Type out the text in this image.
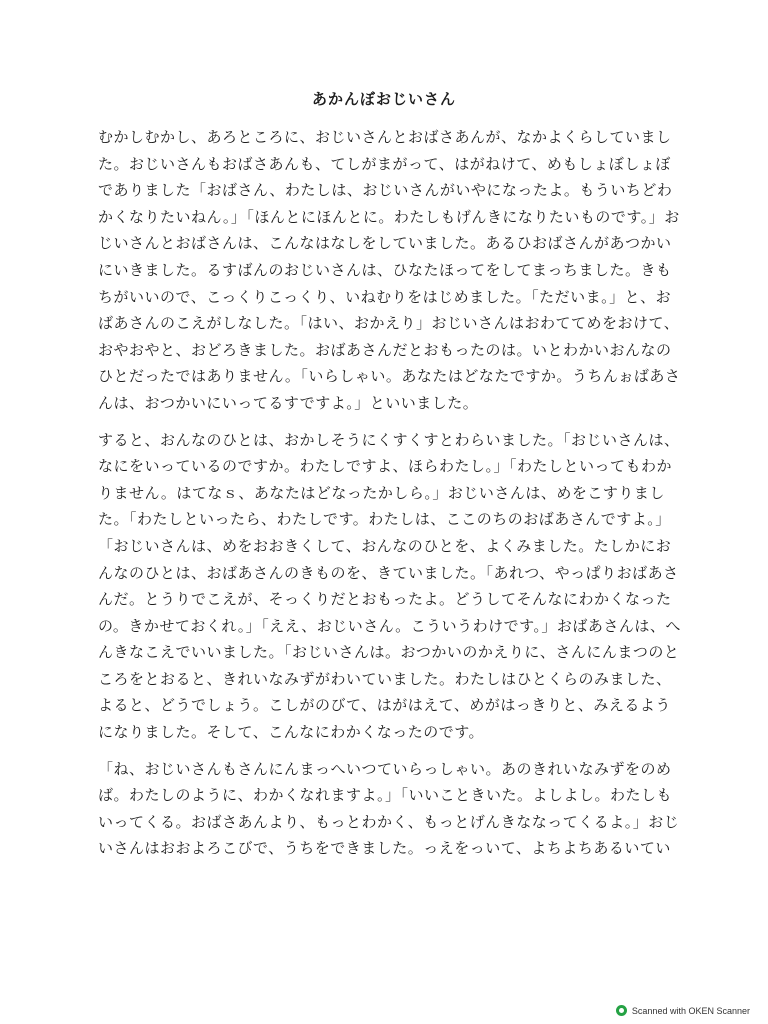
あかんぼおじいさん
むかしむかし、あろところに、おじいさんとおばさあんが、なかよくらしていまし
た。おじいさんもおばさあんも、てしがまがって、はがねけて、めもしょぼしょぼ
でありました「おばさん、わたしは、おじいさんがいやになったよ。もういちどわ
かくなりたいねん。」「ほんとにほんとに。わたしもげんきになりたいものです。」お
じいさんとおばさんは、こんなはなしをしていました。あるひおばさんがあつかい
にいきました。るすばんのおじいさんは、ひなたほってをしてまっちました。きも
ちがいいので、こっくりこっくり、いねむりをはじめました。「ただいま。」と、お
ばあさんのこえがしなした。「はい、おかえり」おじいさんはおわててめをおけて、
おやおやと、おどろきました。おばあさんだとおもったのは。いとわかいおんなの
ひとだったではありません。「いらしゃい。あなたはどなたですか。うちんぉばあさ
んは、おつかいにいってるすですよ。」といいました。
すると、おんなのひとは、おかしそうにくすくすとわらいました。「おじいさんは、
なにをいっているのですか。わたしですよ、ほらわたし。」「わたしといってもわか
りません。はてなｓ、あなたはどなったかしら。」おじいさんは、めをこすりまし
た。「わたしといったら、わたしです。わたしは、ここのちのおばあさんですよ。」
「おじいさんは、めをおおきくして、おんなのひとを、よくみました。たしかにお
んなのひとは、おばあさんのきものを、きていました。「あれつ、やっぱりおばあさ
んだ。とうりでこえが、そっくりだとおもったよ。どうしてそんなにわかくなった
の。きかせておくれ。」「ええ、おじいさん。こういうわけです。」おばあさんは、へ
んきなこえでいいました。「おじいさんは。おつかいのかえりに、さんにんまつのと
ころをとおると、きれいなみずがわいていました。わたしはひとくらのみました、
よると、どうでしょう。こしがのびて、はがはえて、めがはっきりと、みえるよう
になりました。そして、こんなにわかくなったのです。
「ね、おじいさんもさんにんまっへいつていらっしゃい。あのきれいなみずをのめ
ば。わたしのように、わかくなれますよ。」「いいこときいた。よしよし。わたしも
いってくる。おばさあんより、もっとわかく、もっとげんきななってくるよ。」おじ
いさんはおおよろこびで、うちをできました。っえをっいて、よちよちあるいてい
Scanned with OKEN Scanner
